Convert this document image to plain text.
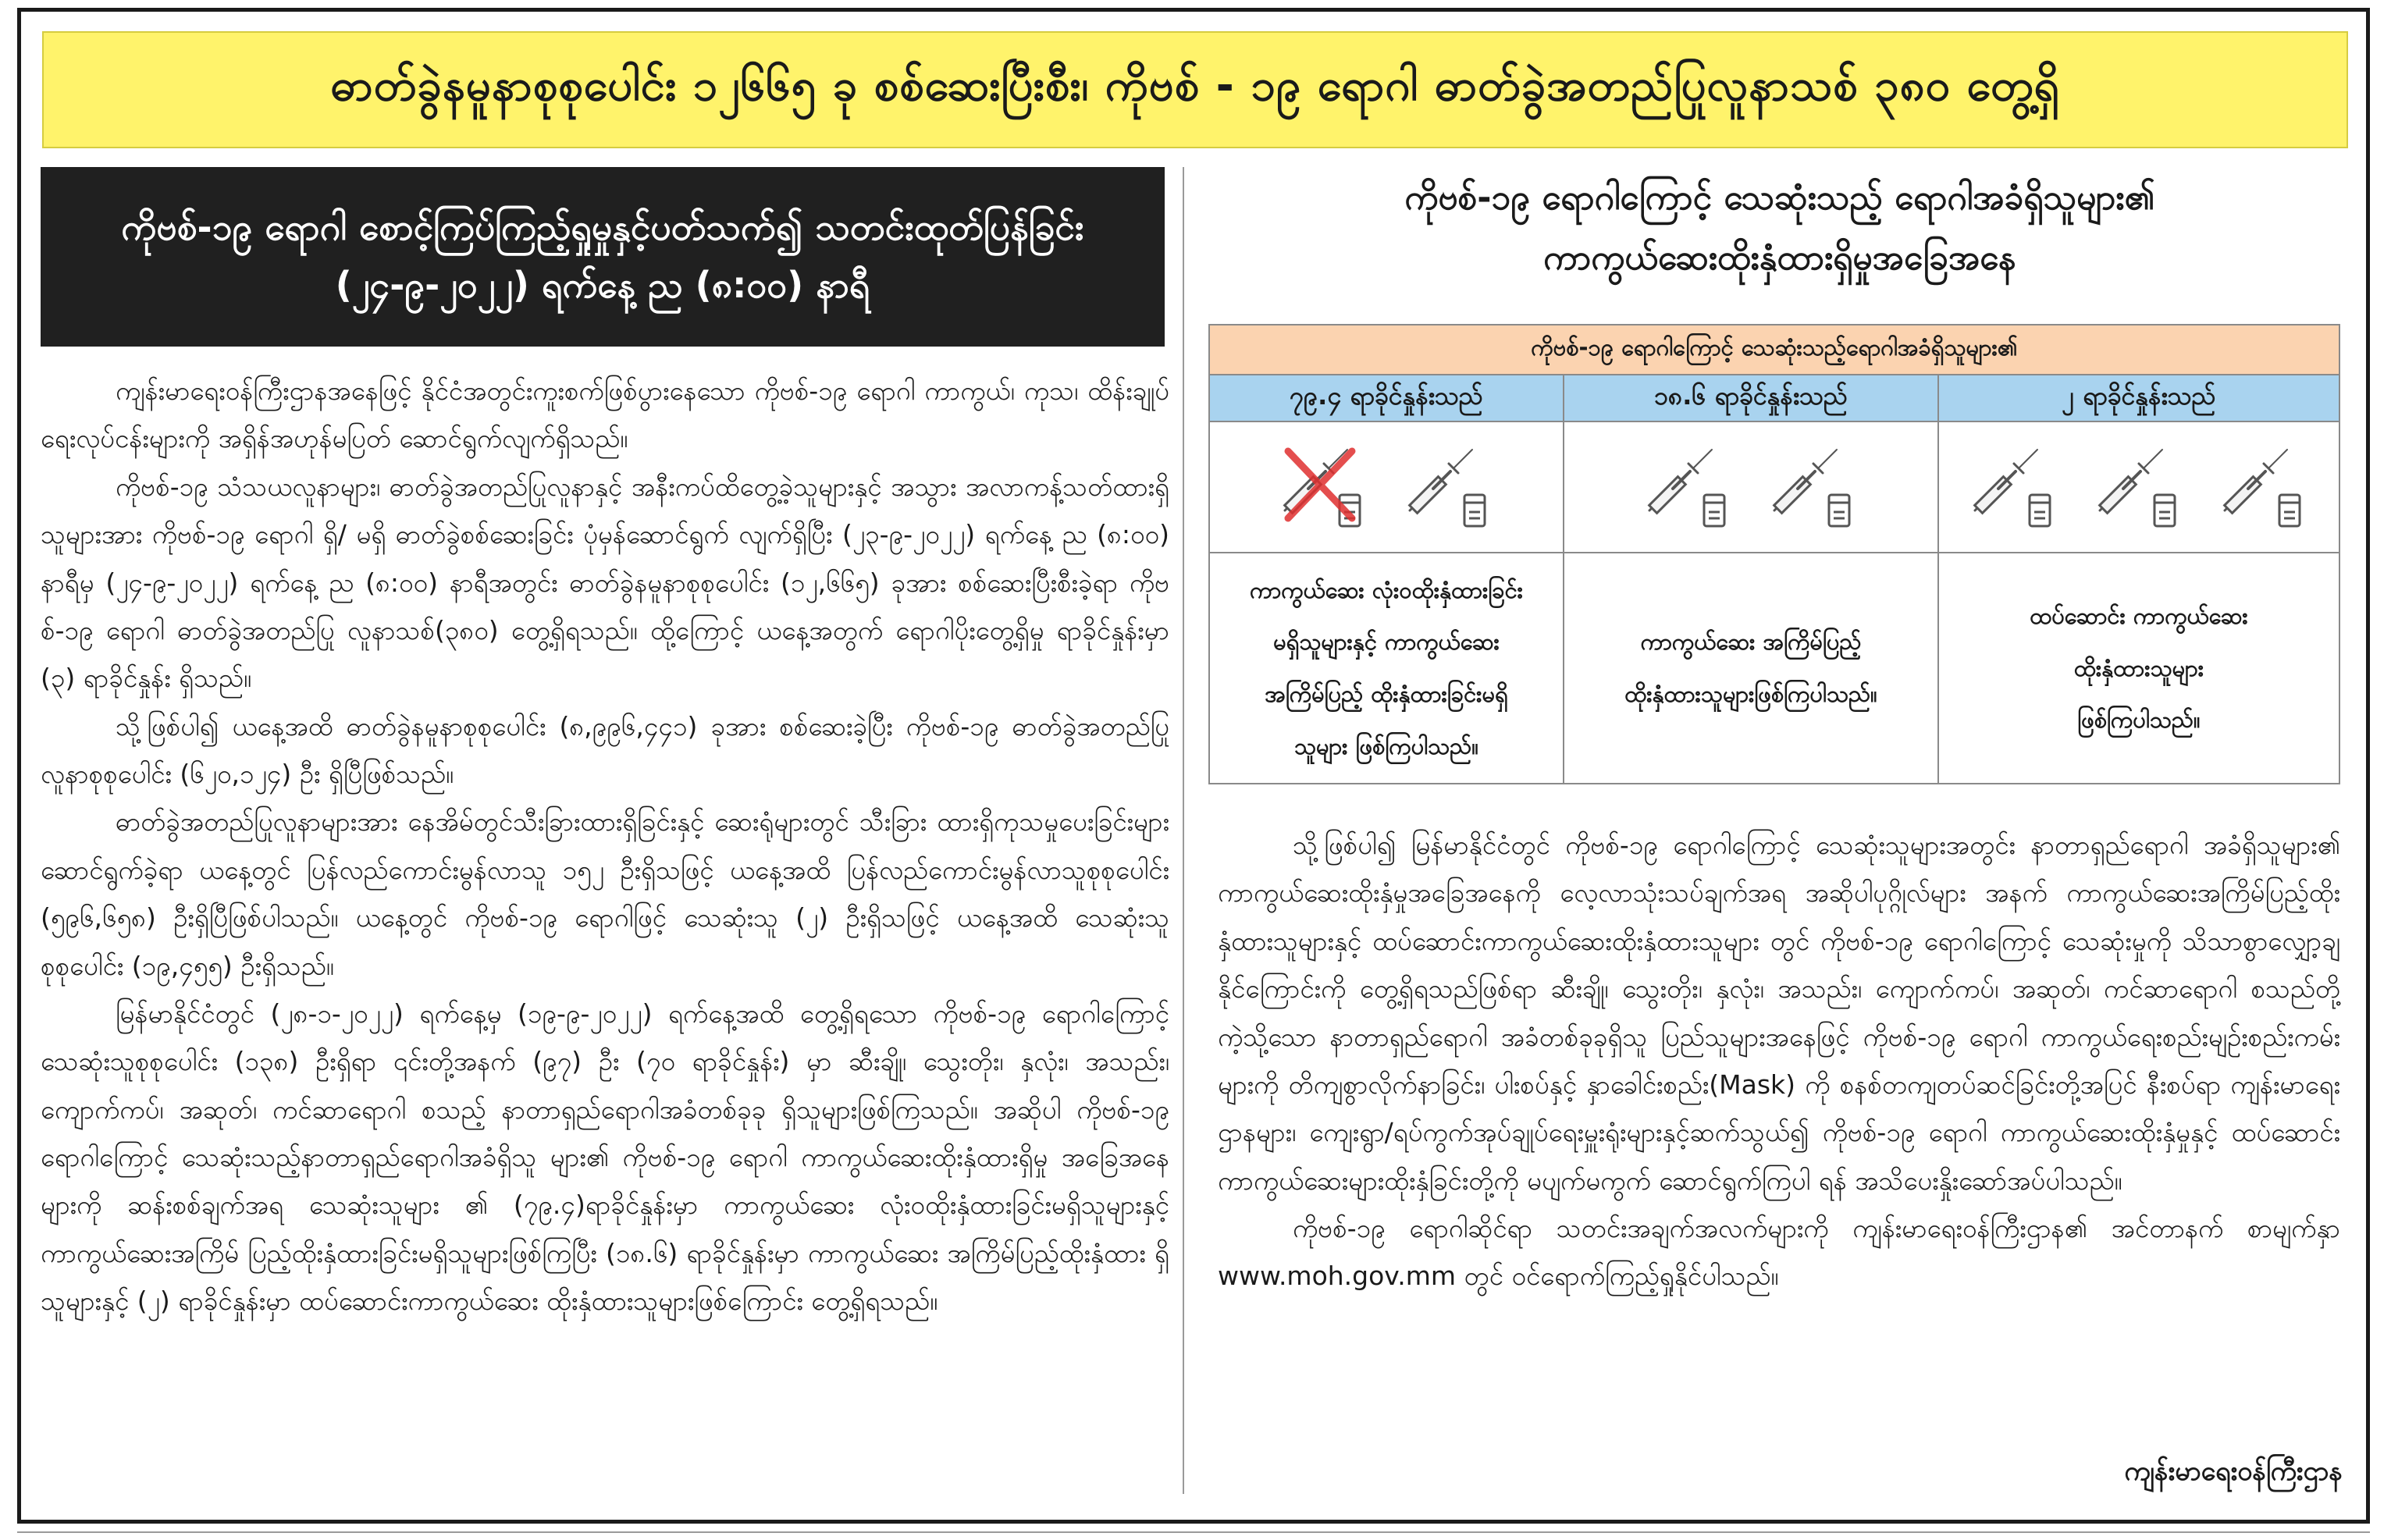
ဓာတ်ခွဲနမူနာစုစုပေါင်း ၁၂၆၆၅ ခု စစ်ဆေးပြီးစီး၊ ကိုဗစ် - ၁၉ ရောဂါ ဓာတ်ခွဲအတည်ပြုလူနာသစ် ၃၈၀ တွေ့ရှိ
ကိုဗစ်-၁၉ ရောဂါ စောင့်ကြပ်ကြည့်ရှုမှုနှင့်ပတ်သက်၍ သတင်းထုတ်ပြန်ခြင်း
(၂၄-၉-၂၀၂၂) ရက်နေ့ ည (၈:၀၀) နာရီ

ကျန်းမာရေးဝန်ကြီးဌာနအနေဖြင့် နိုင်ငံအတွင်းကူးစက်ဖြစ်ပွားနေသော ကိုဗစ်-၁၉ ရောဂါ ကာကွယ်၊ ကုသ၊ ထိန်းချုပ်ရေးလုပ်ငန်းများကို အရှိန်အဟုန်မပြတ် ဆောင်ရွက်လျက်ရှိသည်။

ကိုဗစ်-၁၉ သံသယလူနာများ၊ ဓာတ်ခွဲအတည်ပြုလူနာနှင့် အနီးကပ်ထိတွေ့ခဲ့သူများနှင့် အသွား အလာကန့်သတ်ထားရှိသူများအား ကိုဗစ်-၁၉ ရောဂါ ရှိ/ မရှိ ဓာတ်ခွဲစစ်ဆေးခြင်း ပုံမှန်ဆောင်ရွက် လျက်ရှိပြီး (၂၃-၉-၂၀၂၂) ရက်နေ့ ည (၈:၀၀) နာရီမှ (၂၄-၉-၂၀၂၂) ရက်နေ့ ည (၈:၀၀) နာရီအတွင်း ဓာတ်ခွဲနမူနာစုစုပေါင်း (၁၂,၆၆၅) ခုအား စစ်ဆေးပြီးစီးခဲ့ရာ ကိုဗစ်-၁၉ ရောဂါ ဓာတ်ခွဲအတည်ပြု လူနာသစ်(၃၈၀) တွေ့ရှိရသည်။ ထို့ကြောင့် ယနေ့အတွက် ရောဂါပိုးတွေ့ရှိမှု ရာခိုင်နှုန်းမှာ (၃) ရာခိုင်နှုန်း ရှိသည်။

သို့ဖြစ်ပါ၍ ယနေ့အထိ ဓာတ်ခွဲနမူနာစုစုပေါင်း (၈,၉၉၆,၄၄၁) ခုအား စစ်ဆေးခဲ့ပြီး ကိုဗစ်-၁၉ ဓာတ်ခွဲအတည်ပြုလူနာစုစုပေါင်း (၆၂၀,၁၂၄) ဦး ရှိပြီဖြစ်သည်။

ဓာတ်ခွဲအတည်ပြုလူနာများအား နေအိမ်တွင်သီးခြားထားရှိခြင်းနှင့် ဆေးရုံများတွင် သီးခြား ထားရှိကုသမှုပေးခြင်းများဆောင်ရွက်ခဲ့ရာ ယနေ့တွင် ပြန်လည်ကောင်းမွန်လာသူ ၁၅၂ ဦးရှိသဖြင့် ယနေ့အထိ ပြန်လည်ကောင်းမွန်လာသူစုစုပေါင်း (၅၉၆,၆၅၈) ဦးရှိပြီဖြစ်ပါသည်။ ယနေ့တွင် ကိုဗစ်-၁၉ ရောဂါဖြင့် သေဆုံးသူ (၂) ဦးရှိသဖြင့် ယနေ့အထိ သေဆုံးသူစုစုပေါင်း (၁၉,၄၅၅) ဦးရှိသည်။

မြန်မာနိုင်ငံတွင် (၂၈-၁-၂၀၂၂) ရက်နေ့မှ (၁၉-၉-၂၀၂၂) ရက်နေ့အထိ တွေ့ရှိရသော ကိုဗစ်-၁၉ ရောဂါကြောင့် သေဆုံးသူစုစုပေါင်း (၁၃၈) ဦးရှိရာ ၎င်းတို့အနက် (၉၇) ဦး (၇၀ ရာခိုင်နှုန်း) မှာ ဆီးချို၊ သွေးတိုး၊ နှလုံး၊ အသည်း၊ ကျောက်ကပ်၊ အဆုတ်၊ ကင်ဆာရောဂါ စသည့် နာတာရှည်ရောဂါအခံတစ်ခုခု ရှိသူများဖြစ်ကြသည်။ အဆိုပါ ကိုဗစ်-၁၉ ရောဂါကြောင့် သေဆုံးသည့်နာတာရှည်ရောဂါအခံရှိသူ များ၏ ကိုဗစ်-၁၉ ရောဂါ ကာကွယ်ဆေးထိုးနှံထားရှိမှု အခြေအနေများကို ဆန်းစစ်ချက်အရ သေဆုံးသူများ ၏ (၇၉.၄)ရာခိုင်နှုန်းမှာ ကာကွယ်ဆေး လုံးဝထိုးနှံထားခြင်းမရှိသူများနှင့် ကာကွယ်ဆေးအကြိမ် ပြည့်ထိုးနှံထားခြင်းမရှိသူများဖြစ်ကြပြီး (၁၈.၆) ရာခိုင်နှုန်းမှာ ကာကွယ်ဆေး အကြိမ်ပြည့်ထိုးနှံထား ရှိသူများနှင့် (၂) ရာခိုင်နှုန်းမှာ ထပ်ဆောင်းကာကွယ်ဆေး ထိုးနှံထားသူများဖြစ်ကြောင်း တွေ့ရှိရသည်။

ကိုဗစ်-၁၉ ရောဂါကြောင့် သေဆုံးသည့် ရောဂါအခံရှိသူများ၏
ကာကွယ်ဆေးထိုးနှံထားရှိမှုအခြေအနေ
ကိုဗစ်-၁၉ ရောဂါကြောင့် သေဆုံးသည့်ရောဂါအခံရှိသူများ၏
၇၉.၄ ရာခိုင်နှုန်းသည်	၁၈.၆ ရာခိုင်နှုန်းသည်	၂ ရာခိုင်နှုန်းသည်
ကာကွယ်ဆေး လုံးဝထိုးနှံထားခြင်း
မရှိသူများနှင့် ကာကွယ်ဆေး
အကြိမ်ပြည့် ထိုးနှံထားခြင်းမရှိ
သူများ ဖြစ်ကြပါသည်။
ကာကွယ်ဆေး အကြိမ်ပြည့်
ထိုးနှံထားသူများဖြစ်ကြပါသည်။
ထပ်ဆောင်း ကာကွယ်ဆေး
ထိုးနှံထားသူများ
ဖြစ်ကြပါသည်။

သို့ဖြစ်ပါ၍ မြန်မာနိုင်ငံတွင် ကိုဗစ်-၁၉ ရောဂါကြောင့် သေဆုံးသူများအတွင်း နာတာရှည်ရောဂါ အခံရှိသူများ၏ ကာကွယ်ဆေးထိုးနှံမှုအခြေအနေကို လေ့လာသုံးသပ်ချက်အရ အဆိုပါပုဂ္ဂိုလ်များ အနက် ကာကွယ်ဆေးအကြိမ်ပြည့်ထိုးနှံထားသူများနှင့် ထပ်ဆောင်းကာကွယ်ဆေးထိုးနှံထားသူများ တွင် ကိုဗစ်-၁၉ ရောဂါကြောင့် သေဆုံးမှုကို သိသာစွာလျှော့ချနိုင်ကြောင်းကို တွေ့ရှိရသည်ဖြစ်ရာ ဆီးချို၊ သွေးတိုး၊ နှလုံး၊ အသည်း၊ ကျောက်ကပ်၊ အဆုတ်၊ ကင်ဆာရောဂါ စသည်တို့ကဲ့သို့သော နာတာရှည်ရောဂါ အခံတစ်ခုခုရှိသူ ပြည်သူများအနေဖြင့် ကိုဗစ်-၁၉ ရောဂါ ကာကွယ်ရေးစည်းမျဉ်းစည်းကမ်းများကို တိကျစွာလိုက်နာခြင်း၊ ပါးစပ်နှင့် နှာခေါင်းစည်း(Mask) ကို စနစ်တကျတပ်ဆင်ခြင်းတို့အပြင် နီးစပ်ရာ ကျန်းမာရေးဌာနများ၊ ကျေးရွာ/ရပ်ကွက်အုပ်ချုပ်ရေးမှူးရုံးများနှင့်ဆက်သွယ်၍ ကိုဗစ်-၁၉ ရောဂါ ကာကွယ်ဆေးထိုးနှံမှုနှင့် ထပ်ဆောင်းကာကွယ်ဆေးများထိုးနှံခြင်းတို့ကို မပျက်မကွက် ဆောင်ရွက်ကြပါ ရန် အသိပေးနှိုးဆော်အပ်ပါသည်။

ကိုဗစ်-၁၉ ရောဂါဆိုင်ရာ သတင်းအချက်အလက်များကို ကျန်းမာရေးဝန်ကြီးဌာန၏ အင်တာနက် စာမျက်နှာ www.moh.gov.mm တွင် ဝင်ရောက်ကြည့်ရှုနိုင်ပါသည်။

ကျန်းမာရေးဝန်ကြီးဌာန
